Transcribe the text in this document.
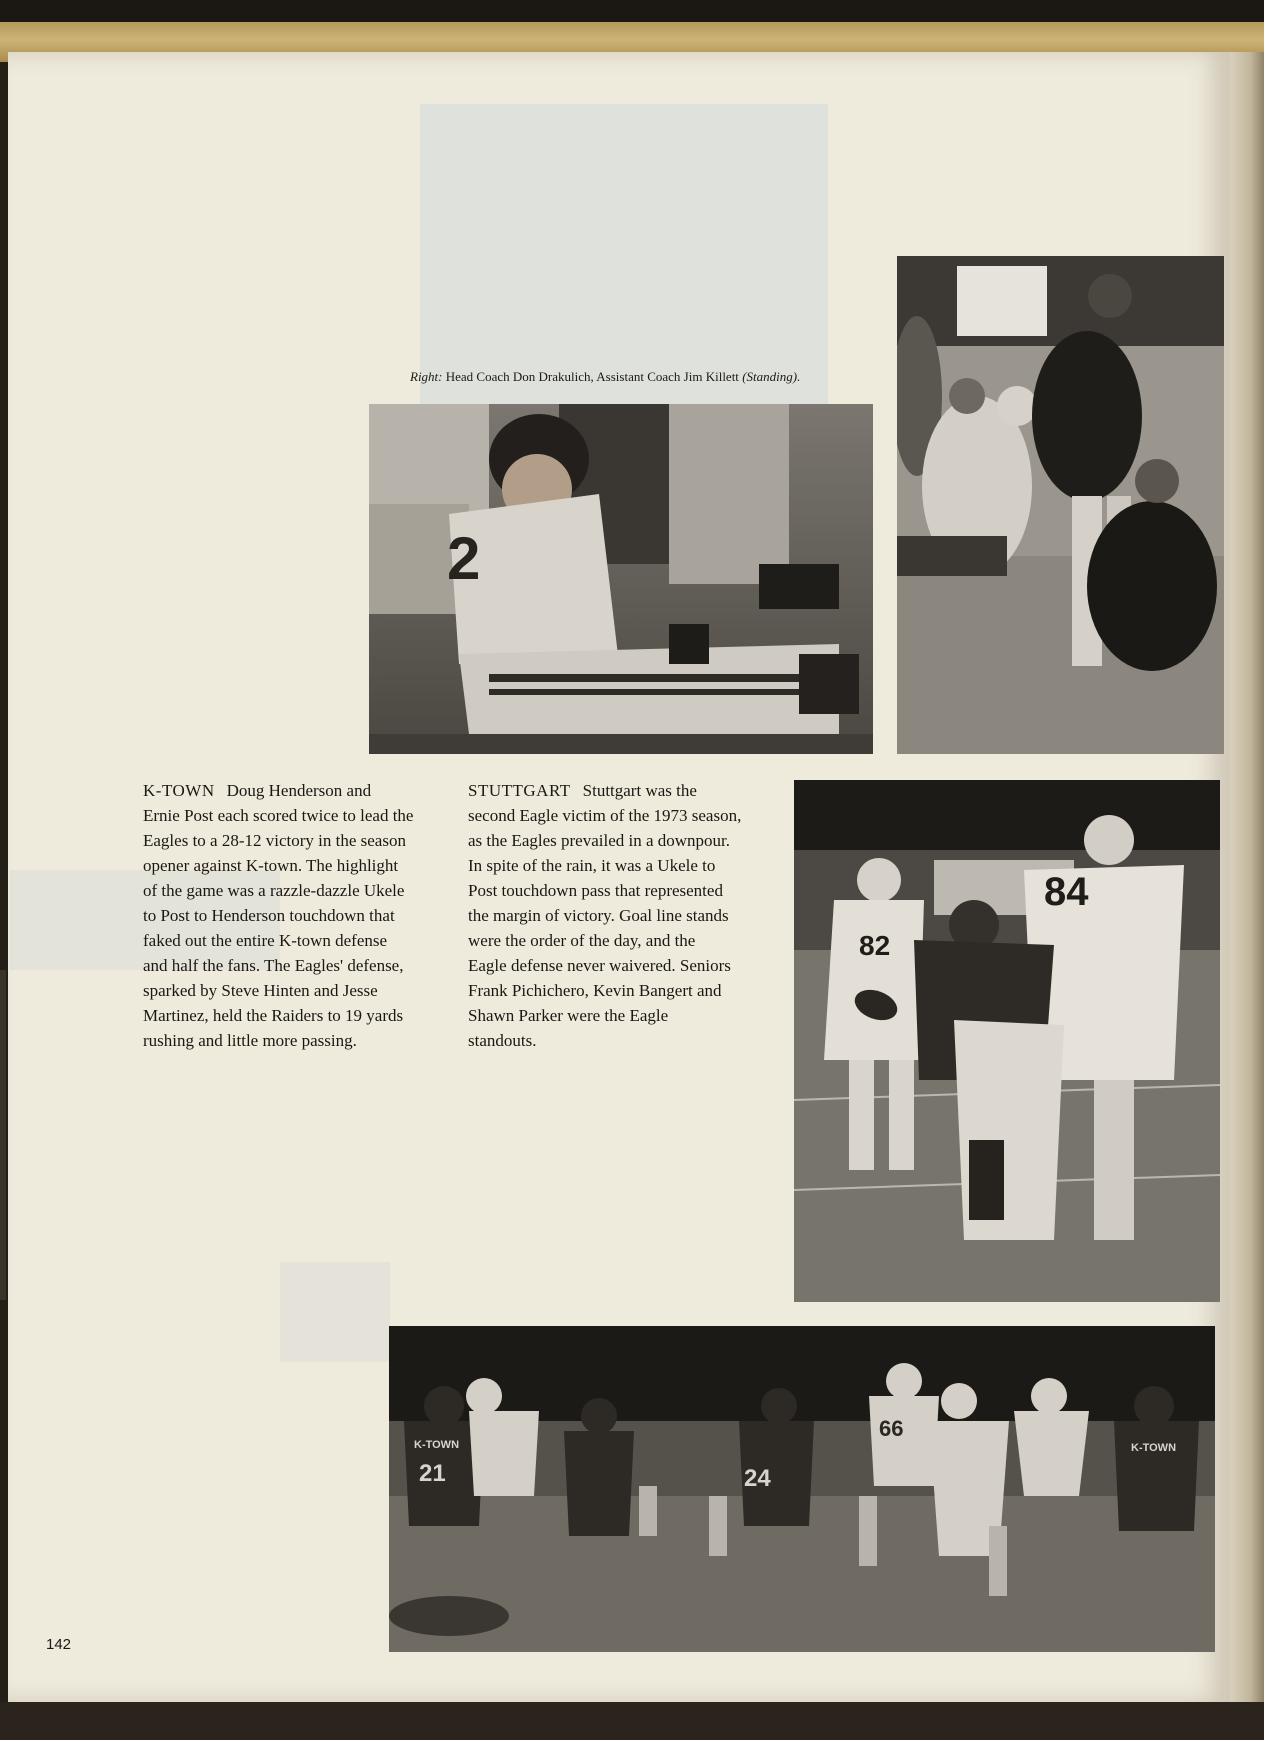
Right: Head Coach Don Drakulich, Assistant Coach Jim Killett (Standing).
2
K-TOWN Doug Henderson and
Ernie Post each scored twice to lead the
Eagles to a 28-12 victory in the season
opener against K-town. The highlight
of the game was a razzle-dazzle Ukele
to Post to Henderson touchdown that
faked out the entire K-town defense
and half the fans. The Eagles' defense,
sparked by Steve Hinten and Jesse
Martinez, held the Raiders to 19 yards
rushing and little more passing.
STUTTGART Stuttgart was the
second Eagle victim of the 1973 season,
as the Eagles prevailed in a downpour.
In spite of the rain, it was a Ukele to
Post touchdown pass that represented
the margin of victory. Goal line stands
were the order of the day, and the
Eagle defense never waivered. Seniors
Frank Pichichero, Kevin Bangert and
Shawn Parker were the Eagle
standouts.
82
84
21
K-TOWN
24
66
K-TOWN
142
